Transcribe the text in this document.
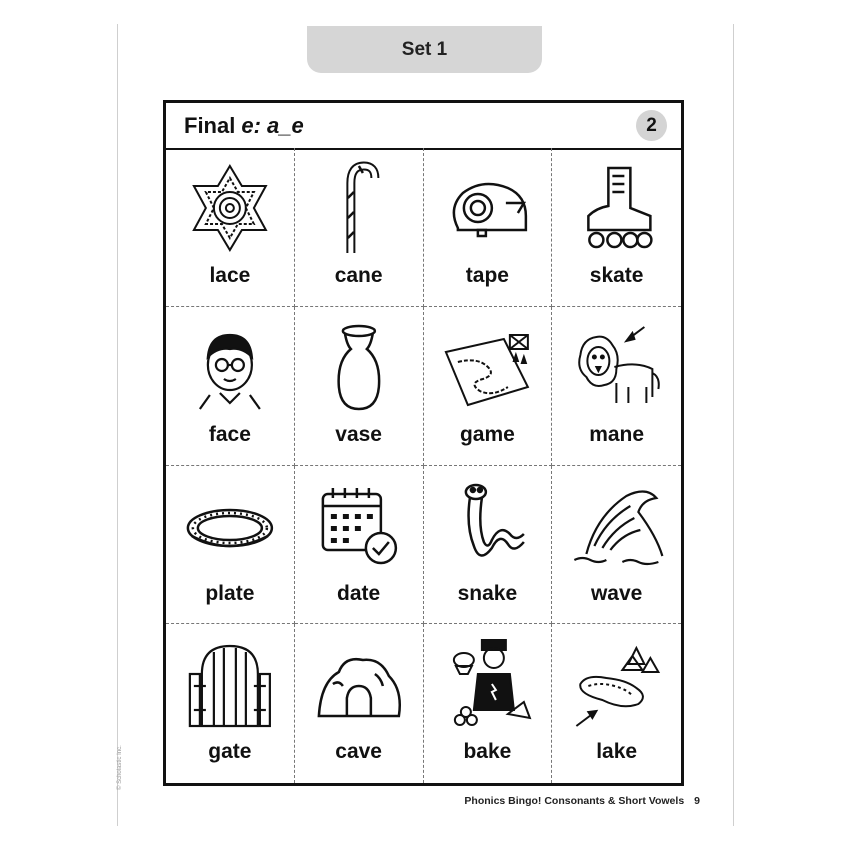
Set 1
Final e: a_e	2
lace	cane	tape	skate
face	vase	game	mane
plate	date	snake	wave
gate	cave	bake	lake
© Scholastic Inc.
Phonics Bingo! Consonants & Short Vowels 9
